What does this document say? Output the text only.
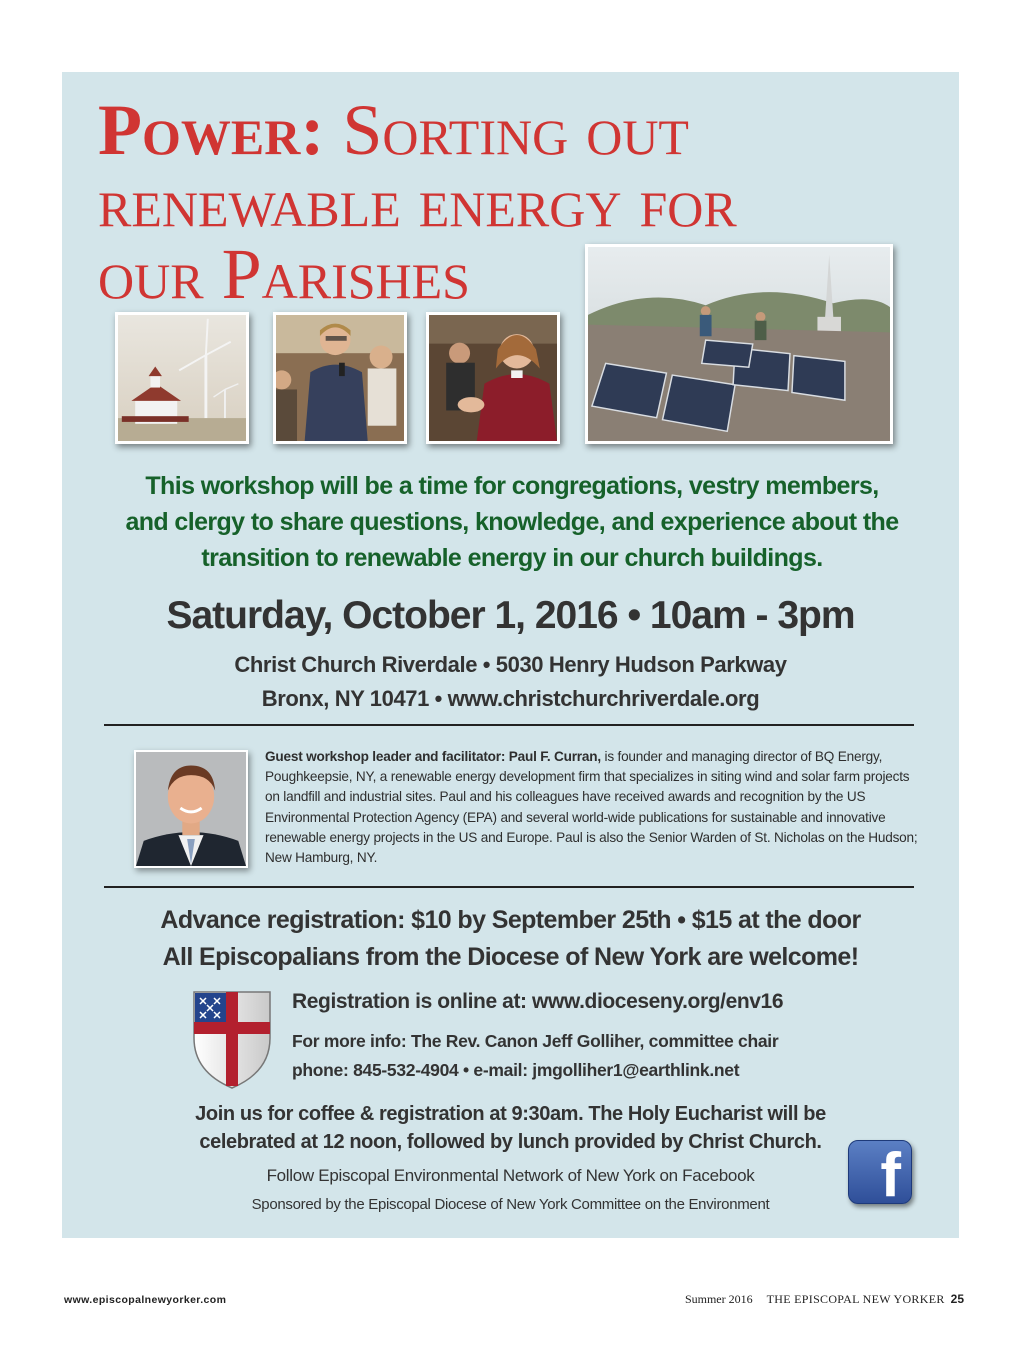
Power: Sorting out
renewable energy for
our Parishes
This workshop will be a time for congregations, vestry members,
and clergy to share questions, knowledge, and experience about the
transition to renewable energy in our church buildings.
Saturday, October 1, 2016 • 10am - 3pm
Christ Church Riverdale • 5030 Henry Hudson Parkway
Bronx, NY 10471 • www.christchurchriverdale.org

Guest workshop leader and facilitator: Paul F. Curran, is founder and managing director of BQ Energy, Poughkeepsie, NY, a renewable energy development firm that specializes in siting wind and solar farm projects on landfill and industrial sites. Paul and his colleagues have received awards and recognition by the US Environmental Protection Agency (EPA) and several world-wide publications for sustainable and innovative renewable energy projects in the US and Europe. Paul is also the Senior Warden of St. Nicholas on the Hudson; New Hamburg, NY.

Advance registration: $10 by September 25th • $15 at the door
All Episcopalians from the Diocese of New York are welcome!
Registration is online at: www.dioceseny.org/env16
For more info: The Rev. Canon Jeff Golliher, committee chair
phone: 845-532-4904 • e-mail: jmgolliher1@earthlink.net
Join us for coffee & registration at 9:30am. The Holy Eucharist will be
celebrated at 12 noon, followed by lunch provided by Christ Church.
Follow Episcopal Environmental Network of New York on Facebook
Sponsored by the Episcopal Diocese of New York Committee on the Environment	f
www.episcopalnewyorker.com	Summer 2016 THE EPISCOPAL NEW YORKER 25
